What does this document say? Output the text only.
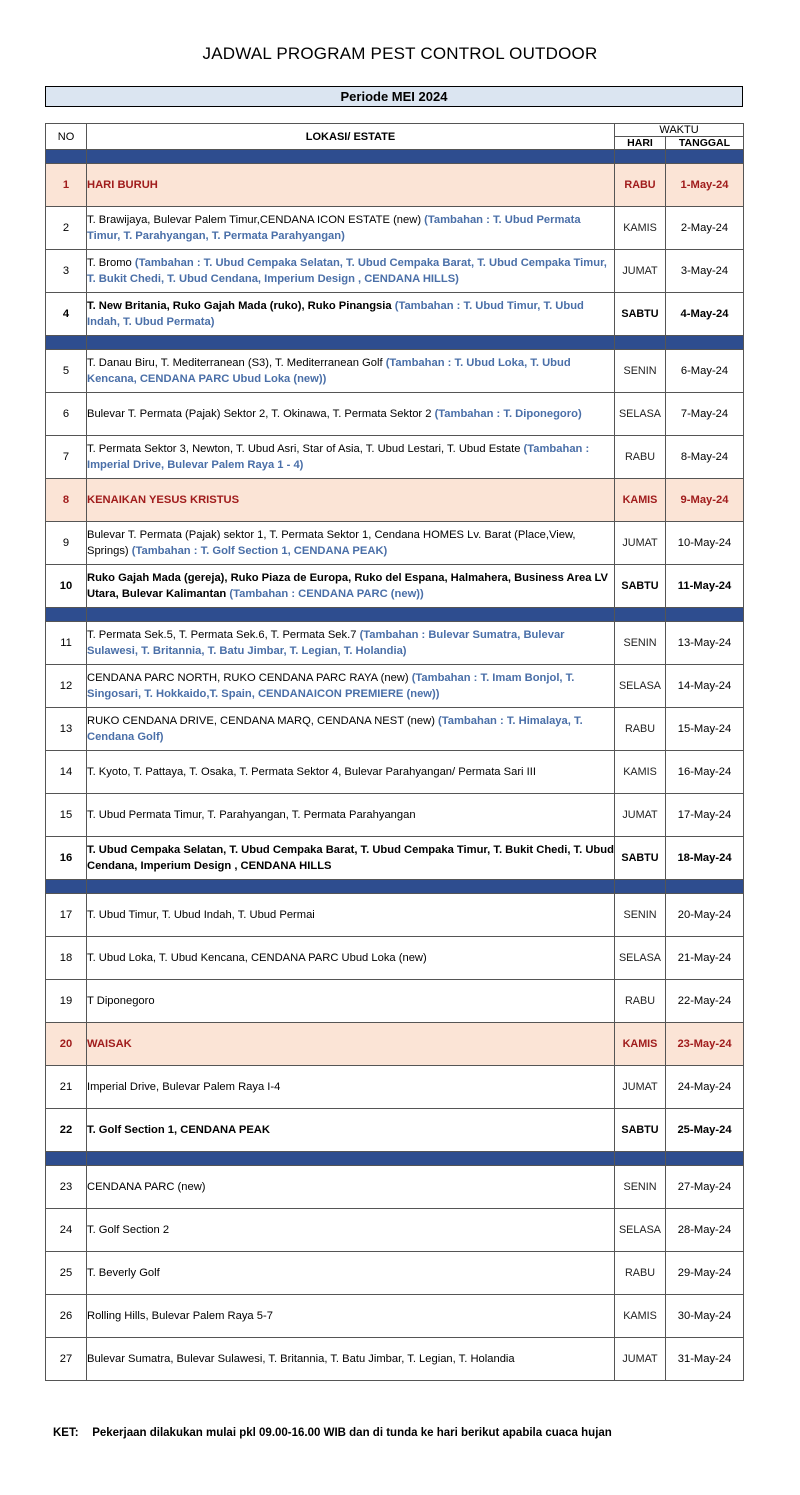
JADWAL PROGRAM PEST CONTROL OUTDOOR
Periode MEI 2024
NO	LOKASI/ ESTATE	WAKTU	
		HARI	TANGGAL

1	HARI BURUH	RABU	1-May-24
2	T. Brawijaya, Bulevar Palem Timur,CENDANA ICON ESTATE (new) (Tambahan : T. Ubud Permata Timur, T. Parahyangan, T. Permata Parahyangan)	KAMIS	2-May-24
3	T. Bromo (Tambahan : T. Ubud Cempaka Selatan, T. Ubud Cempaka Barat, T. Ubud Cempaka Timur, T. Bukit Chedi, T. Ubud Cendana, Imperium Design , CENDANA HILLS)	JUMAT	3-May-24
4	T. New Britania, Ruko Gajah Mada (ruko), Ruko Pinangsia (Tambahan : T. Ubud Timur, T. Ubud Indah, T. Ubud Permata)	SABTU	4-May-24

5	T. Danau Biru, T. Mediterranean (S3), T. Mediterranean Golf (Tambahan : T. Ubud Loka, T. Ubud Kencana, CENDANA PARC Ubud Loka (new))	SENIN	6-May-24
6	Bulevar T. Permata (Pajak) Sektor 2, T. Okinawa, T. Permata Sektor 2 (Tambahan : T. Diponegoro)	SELASA	7-May-24
7	T. Permata Sektor 3, Newton, T. Ubud Asri, Star of Asia, T. Ubud Lestari, T. Ubud Estate (Tambahan : Imperial Drive, Bulevar Palem Raya 1 - 4)	RABU	8-May-24
8	KENAIKAN YESUS KRISTUS	KAMIS	9-May-24
9	Bulevar T. Permata (Pajak) sektor 1, T. Permata Sektor 1, Cendana HOMES Lv. Barat (Place,View, Springs) (Tambahan : T. Golf Section 1, CENDANA PEAK)	JUMAT	10-May-24
10	Ruko Gajah Mada (gereja), Ruko Piaza de Europa, Ruko del Espana, Halmahera, Business Area LV Utara, Bulevar Kalimantan (Tambahan : CENDANA PARC (new))	SABTU	11-May-24

11	T. Permata Sek.5, T. Permata Sek.6, T. Permata Sek.7 (Tambahan : Bulevar Sumatra, Bulevar Sulawesi, T. Britannia, T. Batu Jimbar, T. Legian, T. Holandia)	SENIN	13-May-24
12	CENDANA PARC NORTH, RUKO CENDANA PARC RAYA (new) (Tambahan : T. Imam Bonjol, T. Singosari, T. Hokkaido,T. Spain, CENDANAICON PREMIERE (new))	SELASA	14-May-24
13	RUKO CENDANA DRIVE, CENDANA MARQ, CENDANA NEST (new) (Tambahan : T. Himalaya, T. Cendana Golf)	RABU	15-May-24
14	T. Kyoto, T. Pattaya, T. Osaka, T. Permata Sektor 4, Bulevar Parahyangan/ Permata Sari III	KAMIS	16-May-24
15	T. Ubud Permata Timur, T. Parahyangan, T. Permata Parahyangan	JUMAT	17-May-24
16	T. Ubud Cempaka Selatan, T. Ubud Cempaka Barat, T. Ubud Cempaka Timur, T. Bukit Chedi, T. Ubud Cendana, Imperium Design , CENDANA HILLS	SABTU	18-May-24

17	T. Ubud Timur, T. Ubud Indah, T. Ubud Permai	SENIN	20-May-24
18	T. Ubud Loka, T. Ubud Kencana, CENDANA PARC Ubud Loka (new)	SELASA	21-May-24
19	T Diponegoro	RABU	22-May-24
20	WAISAK	KAMIS	23-May-24
21	Imperial Drive, Bulevar Palem Raya I-4	JUMAT	24-May-24
22	T. Golf Section 1, CENDANA PEAK	SABTU	25-May-24

23	CENDANA PARC (new)	SENIN	27-May-24
24	T. Golf Section 2	SELASA	28-May-24
25	T. Beverly Golf	RABU	29-May-24
26	Rolling Hills, Bulevar Palem Raya 5-7	KAMIS	30-May-24
27	Bulevar Sumatra, Bulevar Sulawesi, T. Britannia, T. Batu Jimbar, T. Legian, T. Holandia	JUMAT	31-May-24
KET: Pekerjaan dilakukan mulai pkl 09.00-16.00 WIB dan di tunda ke hari berikut apabila cuaca hujan
